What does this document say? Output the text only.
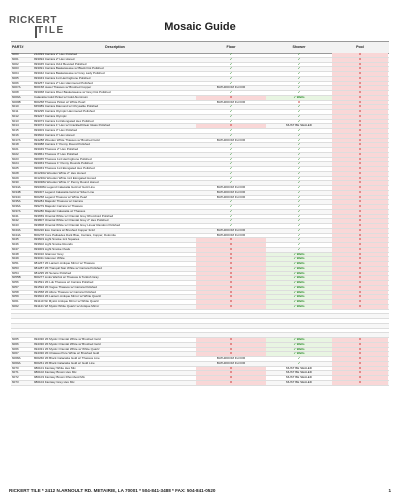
RICKERT
TILE	Mosaic Guide
PART#	Description	Floor	Shower	Pool
6000	212093 Carrara 2" Hex Polished	✓	✓	X
6001	993094 Carrara 2" Hex Honed	✓	✓	X
6002	993045 Carrara 3x12 Beveled Polished	✓	✓	X
6003	993091 Carrara Basketweave w/ Black Dot Polished	✓	✓	X
6004	993042 Carrara Basketweave w/ Grey Lady Polished	✓	✓	X
6005	993043 Carrara 1x4 Herringbone Polished	✓	✓	X
6006	993257 Carrara 2" Hex Hammered Polished	✓	✓	X
6007A	800158 Jewel Thassos w/ Brushed Copper	BATHROOM FLOOR	✓	X
6008	993068 Carrara River Basketweave w/ Grey Dot Polished	✓	✓	X
6009A	Calacatta Gold Picket w/ Gold Aluminum	X	✓ Walls	X
6009B	800258 Thassos Picket w/ White Pearl	BATHROOM FLOOR	X	X
6010	845089 Carrara Diamond w/ Chrysalite Polished	✓	✓	X
6011	993295 Carrara Olympic Hammered Polished	✓	✓	X
6012	993227 Carrara Olympic	✓	✓	X
6013	993073 Carrara 1x4 Elongated Hex Polished	✓	✓	X
6014	993074 Carrara 1" Hex w/ Crackled/Clear Glass Polished	X	MUST BE SEALED	X
6015	993003 Carrara 3" Hex Polished	✓	✓	X
6016	993602 Carrara 4" Hex Honed	✓	✓	X
6017A	994288 Wooden White Thassos w/ Brushed Gold	BATHROOM FLOOR	✓	X
6018	993088 Carrara 1" Penny Round Polished	✓	✓	X
6021	993049 Thassos 2" Hex Polished	✓	✓	X
6022	993861 Thassos 3" Hex Polished	✓	✓	X
6023	996065 Thassos 1x4 Herringbone Polished	✓	✓	X
6024	993063 Thassos 1" Penny Rounds Polished	✓	✓	X
6025	996063 Thassos 1x4 Elongated Hex Polished	✓	✓	X
6028	001230A Wooden White 2" Hex Honed	✓	✓	X
6029	001230A Wooden White 1x4 Elongated Honed	✓	✓	X
6030	993038A Wooden White 1" Penny Round Honed	✓	✓	X
6034A	999308A Legend Calacatta Gold w/ Gold Line	BATHROOM FLOOR	✓	X
6034B	999307 Legend Calacatta Gold w/ Silver Line	BATHROOM FLOOR	✓	X
6034C	800258 Legend Thassos w/ White Pearl	BATHROOM FLOOR	✓	X
6035A	999284 Majestic Thassos w/ Carrara	✓	✓	X
6036A	999279 Majestic Carrara w/ Thassos	✓	✓	X
6037A	999280 Majestic Calacatta w/ Thassos	✓	✓	X
6041	993659 Oriental White w/ Oriental Grey Rhomboid Polished	✓	✓	X
6042	993807 Oriental White w/ Oriental Grey 2" Hex Polished	✓	✓	X
6043	993808 Oriental White w/ Oriental Grey Linear Random Polished	✓	✓	X
6043A	800220 Eco Carrara w/ Brushed Copper 3x12	BATHROOM FLOOR	✓	X
6044A	800278 Core Palisades Dark Blue, Carrara, Copper, Dolomite	BATHROOM FLOOR	✓	X
6045	993603 Light Smoke 1x1 Squares	X	✓	X
6046	993602 Light Smoke Rounds	X	✓	X
6047	993003 Light Smoke Ovals	X	✓	X
6048	993010 Glamour Grey	X	✓ Walls	X
6049	993011 Glamour White	X	✓ Walls	X
6051	981267 Wi Lantern Antique Mirror w/ Thassos	X	✓ Walls	X
6053	981287 Wi Tranquil Star White w/ Carrara Polished	X	✓ Walls	X
6054	981295 Wi Serene Polished	X	✓ Walls	X
6055B	800277 Links Warhol w/ Thassos & Turkish Gray	X	✓ Walls	X
6056	991591 Wi Luk Thassos w/ Carrara Polished	X	✓ Walls	X
6057	991594 Wi Vogue Thassos w/ Carrara Polished	X	✓ Walls	X
6058	991558 Wi Allure Thassos w/ Carrara Polished	X	✓ Walls	X
6059	993604 Wi Lantern Antique Mirror w/ White Quartz	X	✓ Walls	X
6061	991110 Wi Mystic Antique Mirror w/ White Quartz	X	✓ Walls	X
6062	991121 Wi Mystic White Quartz w/ Antique Mirror	X	✓ Walls	X
6065	994330 Wi Mystic Oriental White w/ Brushed Gold	X	✓ Walls	X
6066	994330 Wi Mystic Oriental White w/ Brushed Gold	X	✓ Walls	X
6066	994331 Wi Mystic Oriental White w/ White Quartz	X	✓ Walls	X
6067	994330 Wi Chateau Pure White w/ Brushed Gold	X	✓ Walls	X
6068A	800260 Wi Block Calacatta Gold w/ Thassos Line	BATHROOM FLOOR	✓	X
6069A	800261 Wi Block Calacatta Gold w/ Gold Line	BATHROOM FLOOR	✓	X
6070	980101 Fantasy White Hex Mix	X	MUST BE SEALED	X
6071	980102 Fantasy Brown Hex Mix	X	MUST BE SEALED	X
6072	980103 Fantasy Brown Rhomboid Mix	X	MUST BE SEALED	X
6073	980104 Fantasy Grey Hex Mix	X	MUST BE SEALED	X
RICKERT TILE * 2412 N.ARNOULT RD. METAIRIE, LA 70001 * 504-841-3488 * FAX: 504-841-0520	1
